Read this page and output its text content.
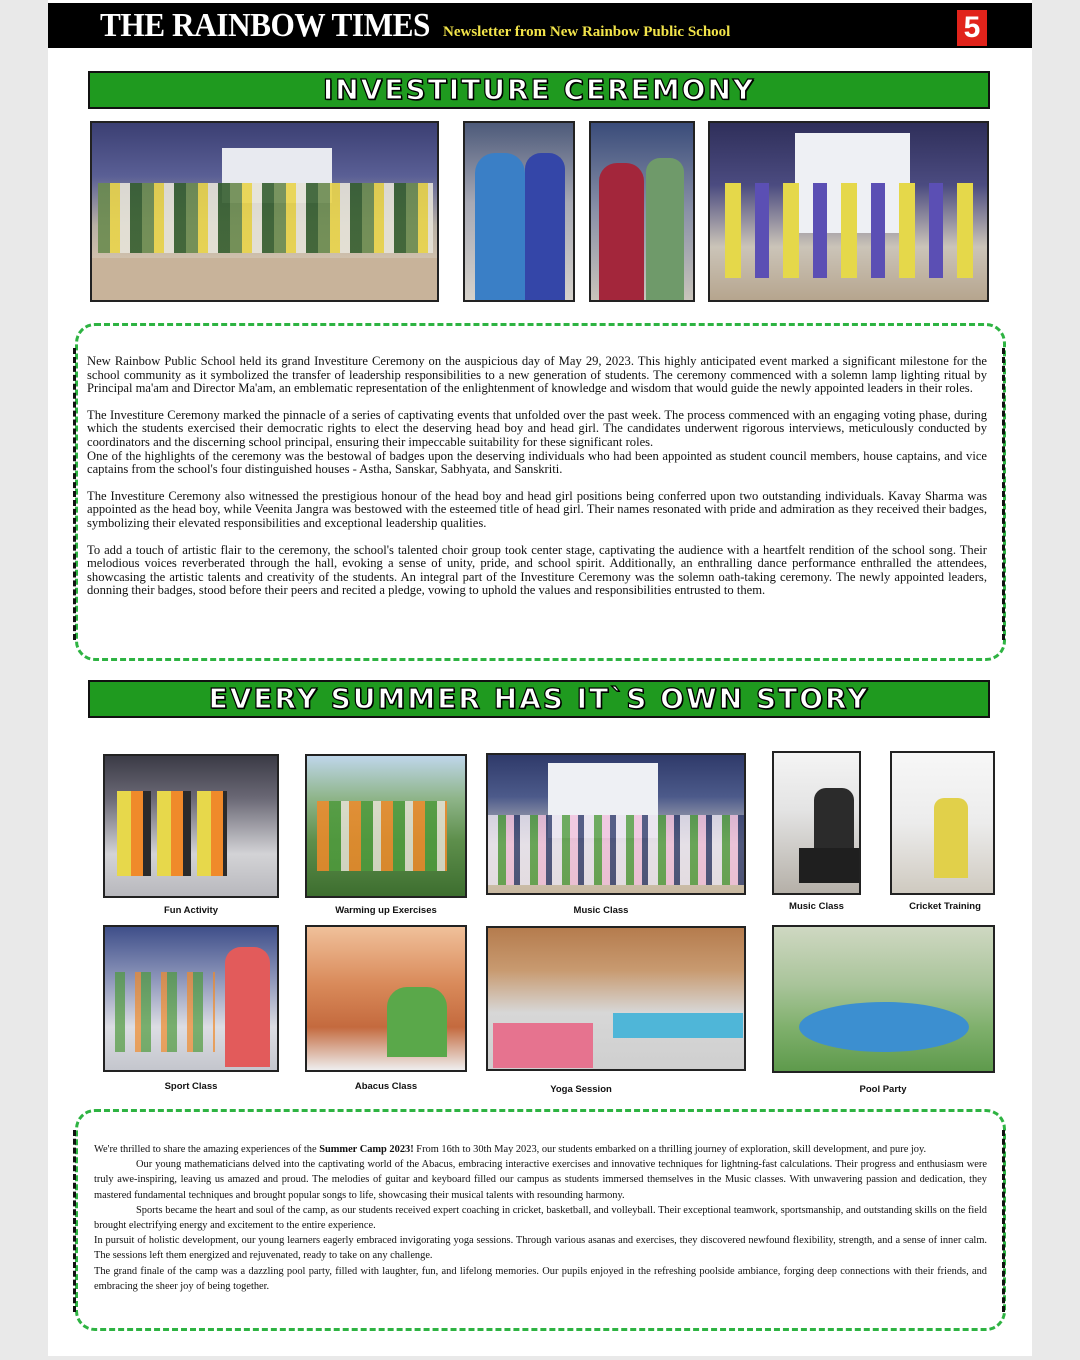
THE RAINBOW TIMES Newsletter from New Rainbow Public School	5
INVESTITURE CEREMONY

New Rainbow Public School held its grand Investiture Ceremony on the auspicious day of May 29, 2023. This highly anticipated event marked a significant milestone for the school community as it symbolized the transfer of leadership responsibilities to a new generation of students. The ceremony commenced with a solemn lamp lighting ritual by Principal ma'am and Director Ma'am, an emblematic representation of the enlightenment of knowledge and wisdom that would guide the newly appointed leaders in their roles.

The Investiture Ceremony marked the pinnacle of a series of captivating events that unfolded over the past week. The process commenced with an engaging voting phase, during which the students exercised their democratic rights to elect the deserving head boy and head girl. The candidates underwent rigorous interviews, meticulously conducted by coordinators and the discerning school principal, ensuring their impeccable suitability for these significant roles.

One of the highlights of the ceremony was the bestowal of badges upon the deserving individuals who had been appointed as student council members, house captains, and vice captains from the school's four distinguished houses - Astha, Sanskar, Sabhyata, and Sanskriti.

The Investiture Ceremony also witnessed the prestigious honour of the head boy and head girl positions being conferred upon two outstanding individuals. Kavay Sharma was appointed as the head boy, while Veenita Jangra was bestowed with the esteemed title of head girl. Their names resonated with pride and admiration as they received their badges, symbolizing their elevated responsibilities and exceptional leadership qualities.

To add a touch of artistic flair to the ceremony, the school's talented choir group took center stage, captivating the audience with a heartfelt rendition of the school song. Their melodious voices reverberated through the hall, evoking a sense of unity, pride, and school spirit. Additionally, an enthralling dance performance enthralled the attendees, showcasing the artistic talents and creativity of the students. An integral part of the Investiture Ceremony was the solemn oath-taking ceremony. The newly appointed leaders, donning their badges, stood before their peers and recited a pledge, vowing to uphold the values and responsibilities entrusted to them.

EVERY SUMMER HAS IT`S OWN STORY
Fun Activity	Warming up Exercises	Music Class	Music Class	Cricket Training
Sport Class	Abacus Class	Yoga Session	Pool Party

We're thrilled to share the amazing experiences of the Summer Camp 2023! From 16th to 30th May 2023, our students embarked on a thrilling journey of exploration, skill development, and pure joy.

Our young mathematicians delved into the captivating world of the Abacus, embracing interactive exercises and innovative techniques for lightning-fast calculations. Their progress and enthusiasm were truly awe-inspiring, leaving us amazed and proud. The melodies of guitar and keyboard filled our campus as students immersed themselves in the Music classes. With unwavering passion and dedication, they mastered fundamental techniques and brought popular songs to life, showcasing their musical talents with resounding harmony.

Sports became the heart and soul of the camp, as our students received expert coaching in cricket, basketball, and volleyball. Their exceptional teamwork, sportsmanship, and outstanding skills on the field brought electrifying energy and excitement to the entire experience.

In pursuit of holistic development, our young learners eagerly embraced invigorating yoga sessions. Through various asanas and exercises, they discovered newfound flexibility, strength, and a sense of inner calm. The sessions left them energized and rejuvenated, ready to take on any challenge.

The grand finale of the camp was a dazzling pool party, filled with laughter, fun, and lifelong memories. Our pupils enjoyed in the refreshing poolside ambiance, forging deep connections with their friends, and embracing the sheer joy of being together.
